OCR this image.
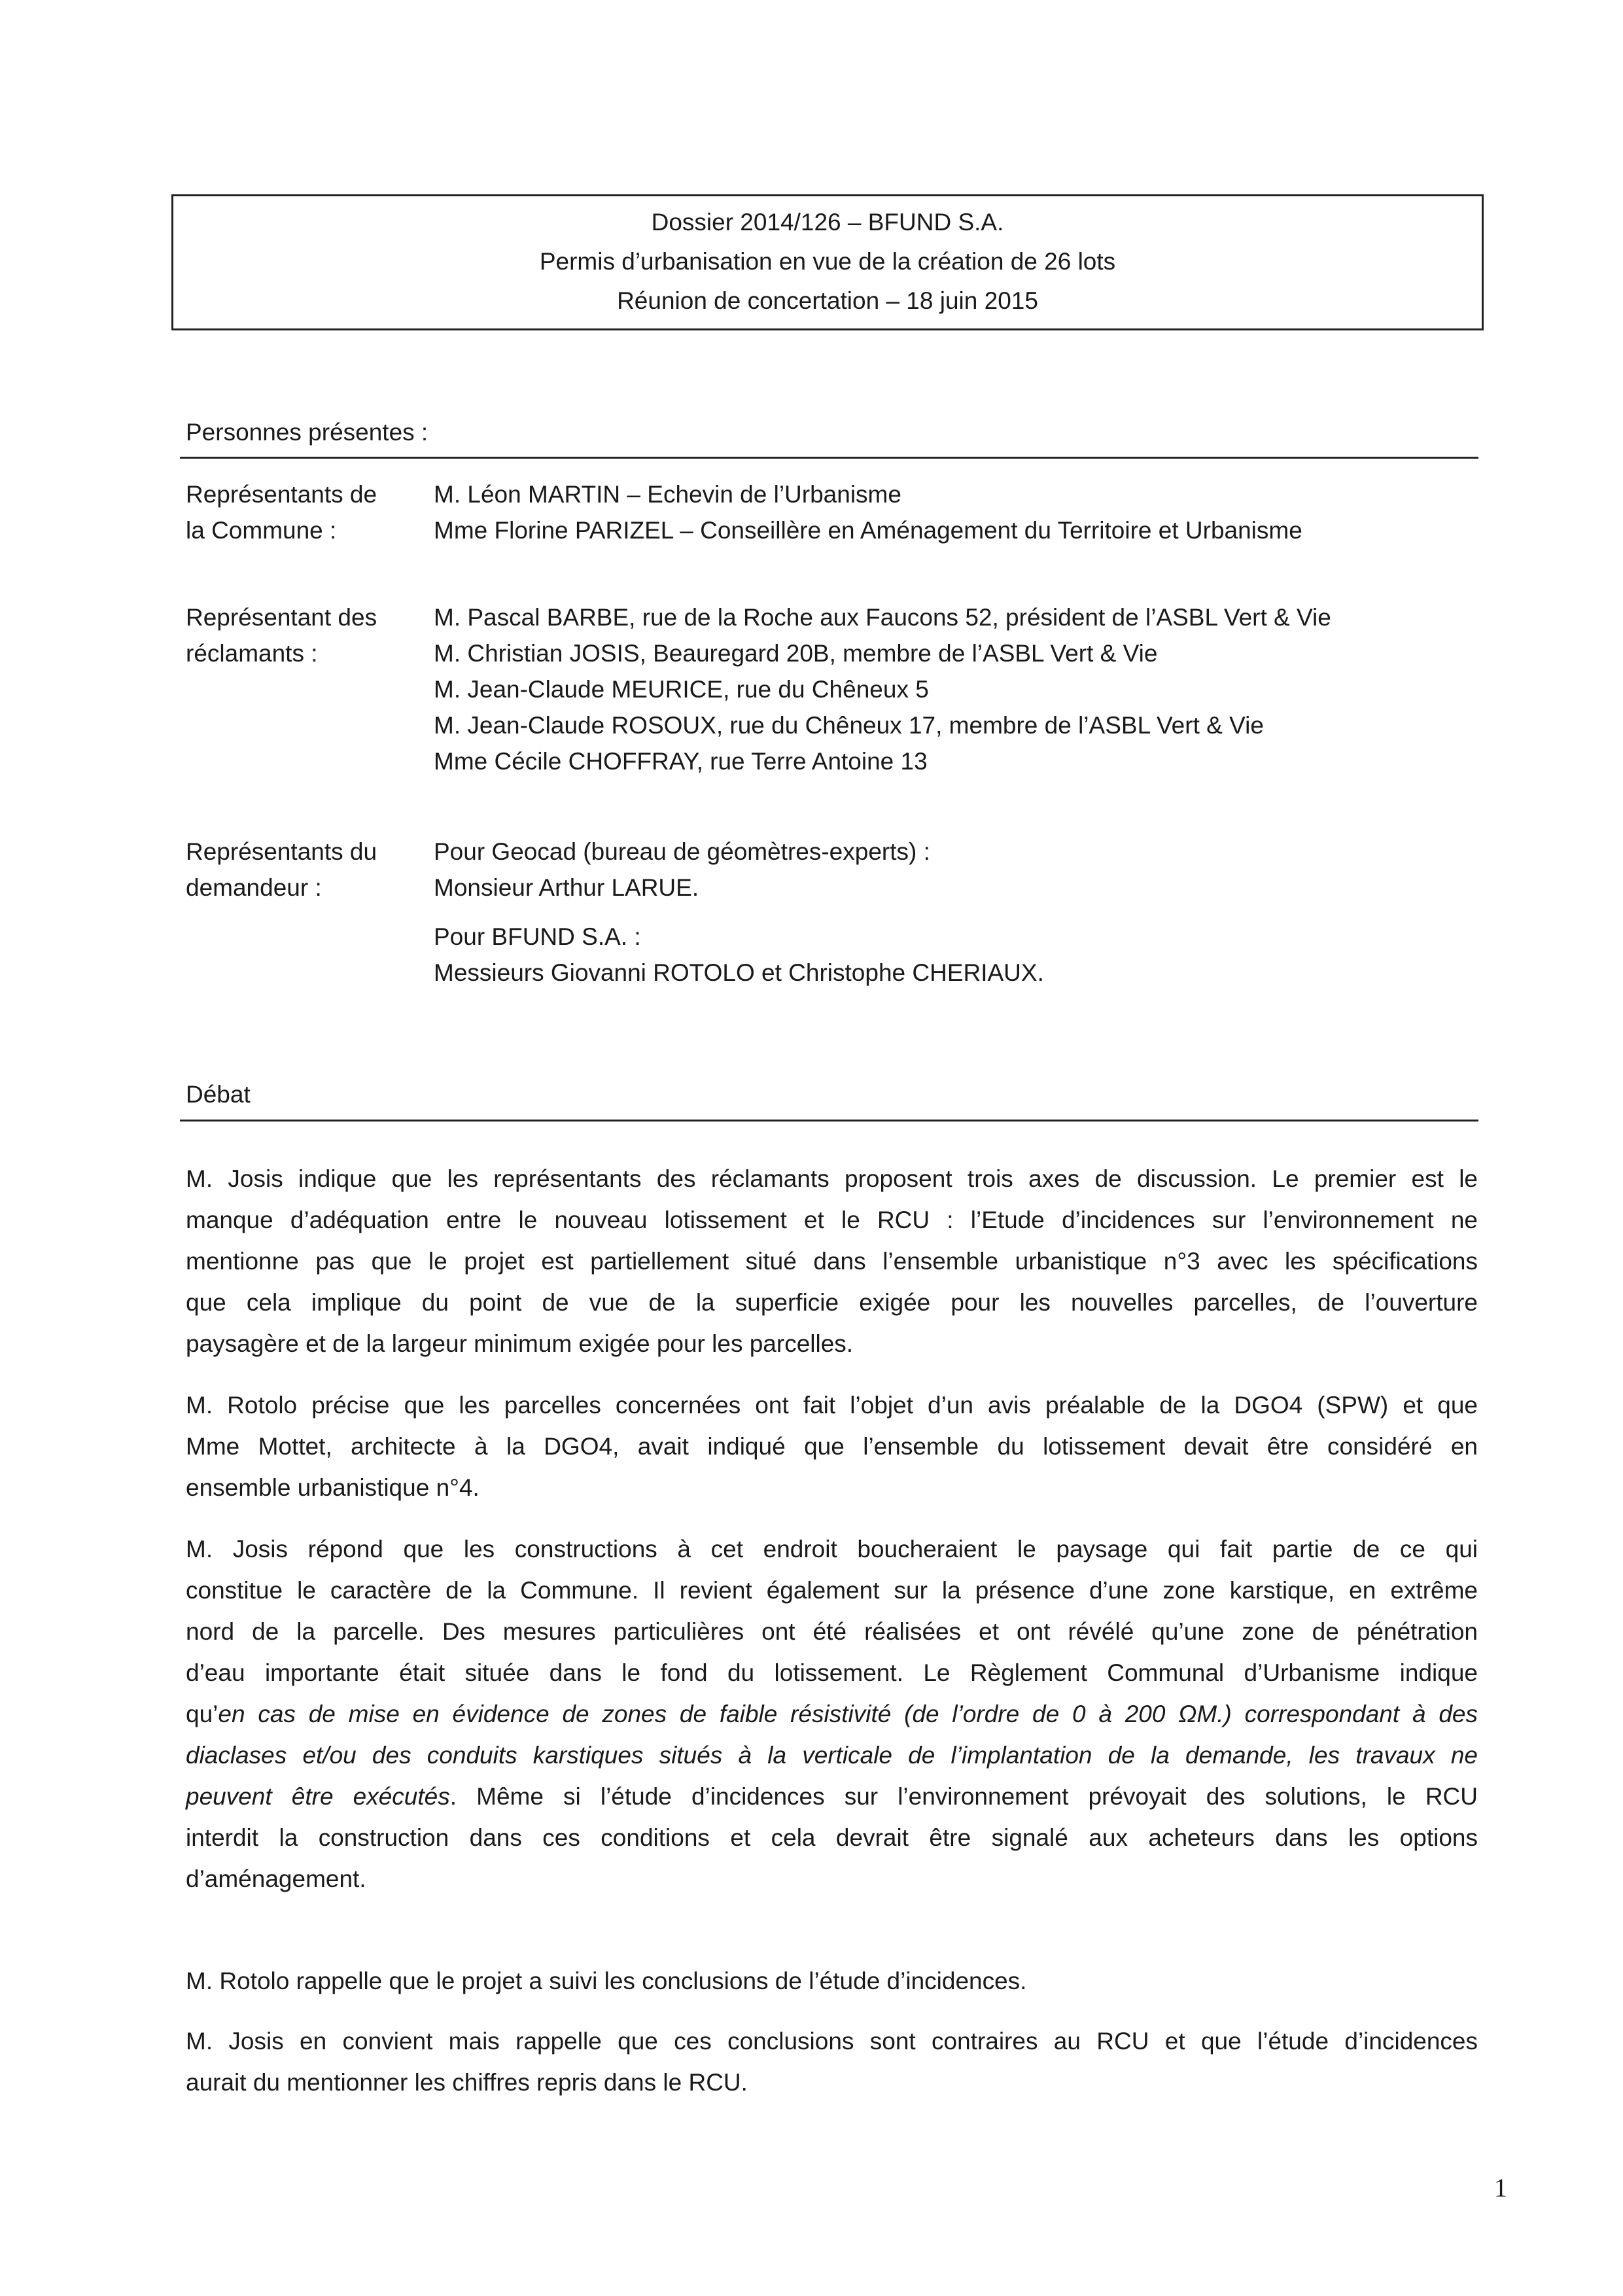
Dossier 2014/126 – BFUND S.A.
Permis d’urbanisation en vue de la création de 26 lots
Réunion de concertation – 18 juin 2015
Personnes présentes :
Représentants de
la Commune :
M. Léon MARTIN – Echevin de l’Urbanisme
Mme Florine PARIZEL – Conseillère en Aménagement du Territoire et Urbanisme
Représentant des
réclamants :
M. Pascal BARBE, rue de la Roche aux Faucons 52, président de l’ASBL Vert & Vie
M. Christian JOSIS, Beauregard 20B, membre de l’ASBL Vert & Vie
M. Jean-Claude MEURICE, rue du Chêneux 5
M. Jean-Claude ROSOUX, rue du Chêneux 17, membre de l’ASBL Vert & Vie
Mme Cécile CHOFFRAY, rue Terre Antoine 13
Représentants du
demandeur :
Pour Geocad (bureau de géomètres-experts) :
Monsieur Arthur LARUE.
Pour BFUND S.A. :
Messieurs Giovanni ROTOLO et Christophe CHERIAUX.
Débat
M. Josis indique que les représentants des réclamants proposent trois axes de discussion. Le premier est le
manque d’adéquation entre le nouveau lotissement et le RCU : l’Etude d’incidences sur l’environnement ne
mentionne pas que le projet est partiellement situé dans l’ensemble urbanistique n°3 avec les spécifications
que cela implique du point de vue de la superficie exigée pour les nouvelles parcelles, de l’ouverture
paysagère et de la largeur minimum exigée pour les parcelles.
M. Rotolo précise que les parcelles concernées ont fait l’objet d’un avis préalable de la DGO4 (SPW) et que
Mme Mottet, architecte à la DGO4, avait indiqué que l’ensemble du lotissement devait être considéré en
ensemble urbanistique n°4.
M. Josis répond que les constructions à cet endroit boucheraient le paysage qui fait partie de ce qui
constitue le caractère de la Commune. Il revient également sur la présence d’une zone karstique, en extrême
nord de la parcelle. Des mesures particulières ont été réalisées et ont révélé qu’une zone de pénétration
d’eau importante était située dans le fond du lotissement. Le Règlement Communal d’Urbanisme indique
qu’en cas de mise en évidence de zones de faible résistivité (de l’ordre de 0 à 200 ΩM.) correspondant à des
diaclases et/ou des conduits karstiques situés à la verticale de l’implantation de la demande, les travaux ne
peuvent être exécutés. Même si l’étude d’incidences sur l’environnement prévoyait des solutions, le RCU
interdit la construction dans ces conditions et cela devrait être signalé aux acheteurs dans les options
d’aménagement.
M. Rotolo rappelle que le projet a suivi les conclusions de l’étude d’incidences.
M. Josis en convient mais rappelle que ces conclusions sont contraires au RCU et que l’étude d’incidences
aurait du mentionner les chiffres repris dans le RCU.
1
